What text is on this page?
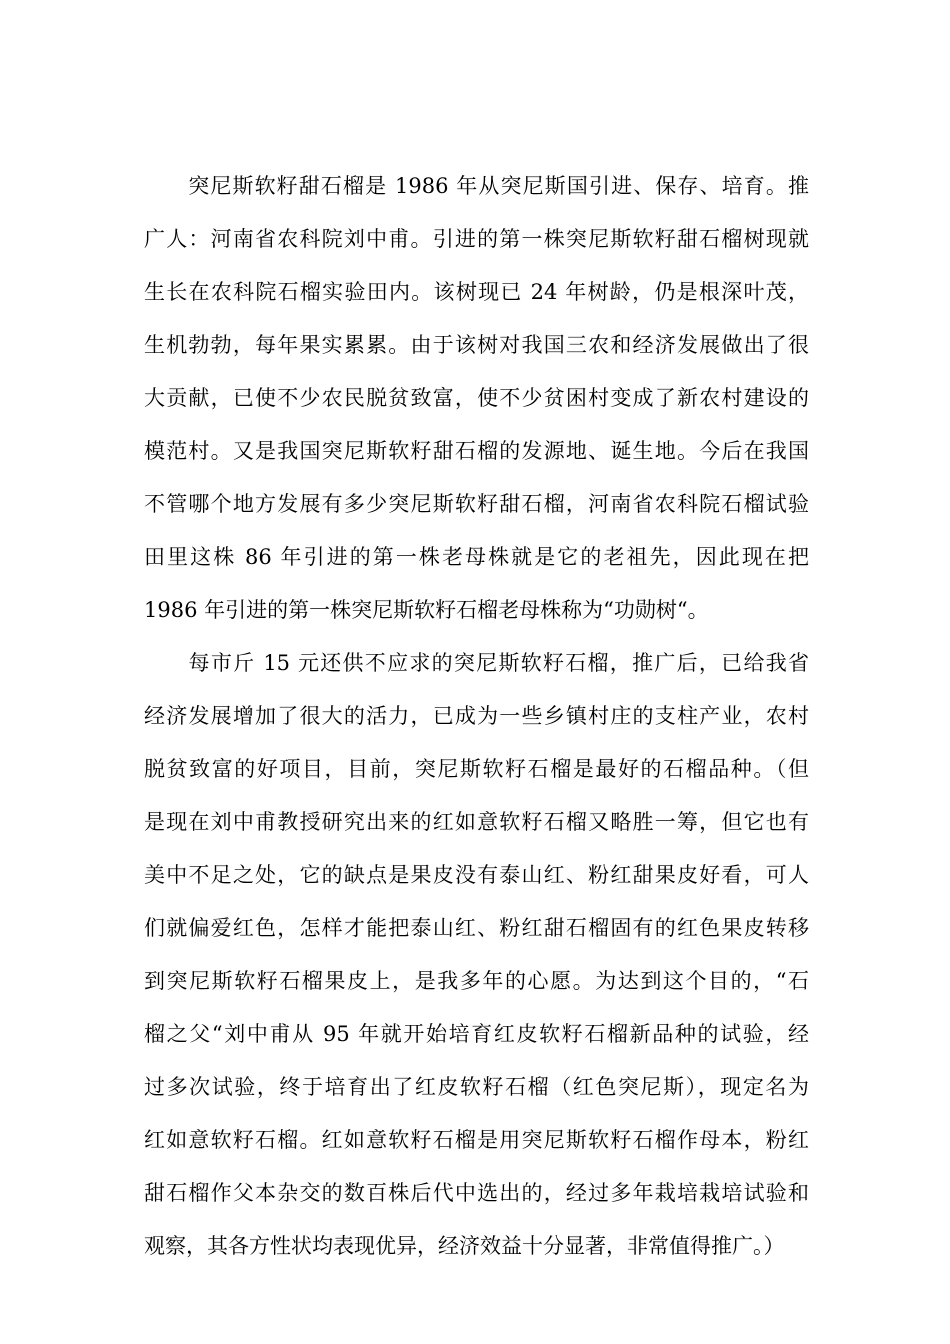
　　突尼斯软籽甜石榴是 1986 年从突尼斯国引进、保存、培育。推
广人：河南省农科院刘中甫。引进的第一株突尼斯软籽甜石榴树现就
生长在农科院石榴实验田内。该树现已 24 年树龄，仍是根深叶茂，
生机勃勃，每年果实累累。由于该树对我国三农和经济发展做出了很
大贡献，已使不少农民脱贫致富，使不少贫困村变成了新农村建设的
模范村。又是我国突尼斯软籽甜石榴的发源地、诞生地。今后在我国
不管哪个地方发展有多少突尼斯软籽甜石榴，河南省农科院石榴试验
田里这株 86 年引进的第一株老母株就是它的老祖先，因此现在把
1986 年引进的第一株突尼斯软籽石榴老母株称为“功勋树“。
　　每市斤 15 元还供不应求的突尼斯软籽石榴，推广后，已给我省
经济发展增加了很大的活力，已成为一些乡镇村庄的支柱产业，农村
脱贫致富的好项目，目前，突尼斯软籽石榴是最好的石榴品种。（但
是现在刘中甫教授研究出来的红如意软籽石榴又略胜一筹，但它也有
美中不足之处，它的缺点是果皮没有泰山红、粉红甜果皮好看，可人
们就偏爱红色，怎样才能把泰山红、粉红甜石榴固有的红色果皮转移
到突尼斯软籽石榴果皮上，是我多年的心愿。为达到这个目的，“石
榴之父“刘中甫从 95 年就开始培育红皮软籽石榴新品种的试验，经
过多次试验，终于培育出了红皮软籽石榴（红色突尼斯），现定名为
红如意软籽石榴。红如意软籽石榴是用突尼斯软籽石榴作母本，粉红
甜石榴作父本杂交的数百株后代中选出的，经过多年栽培栽培试验和
观察，其各方性状均表现优异，经济效益十分显著，非常值得推广。）
